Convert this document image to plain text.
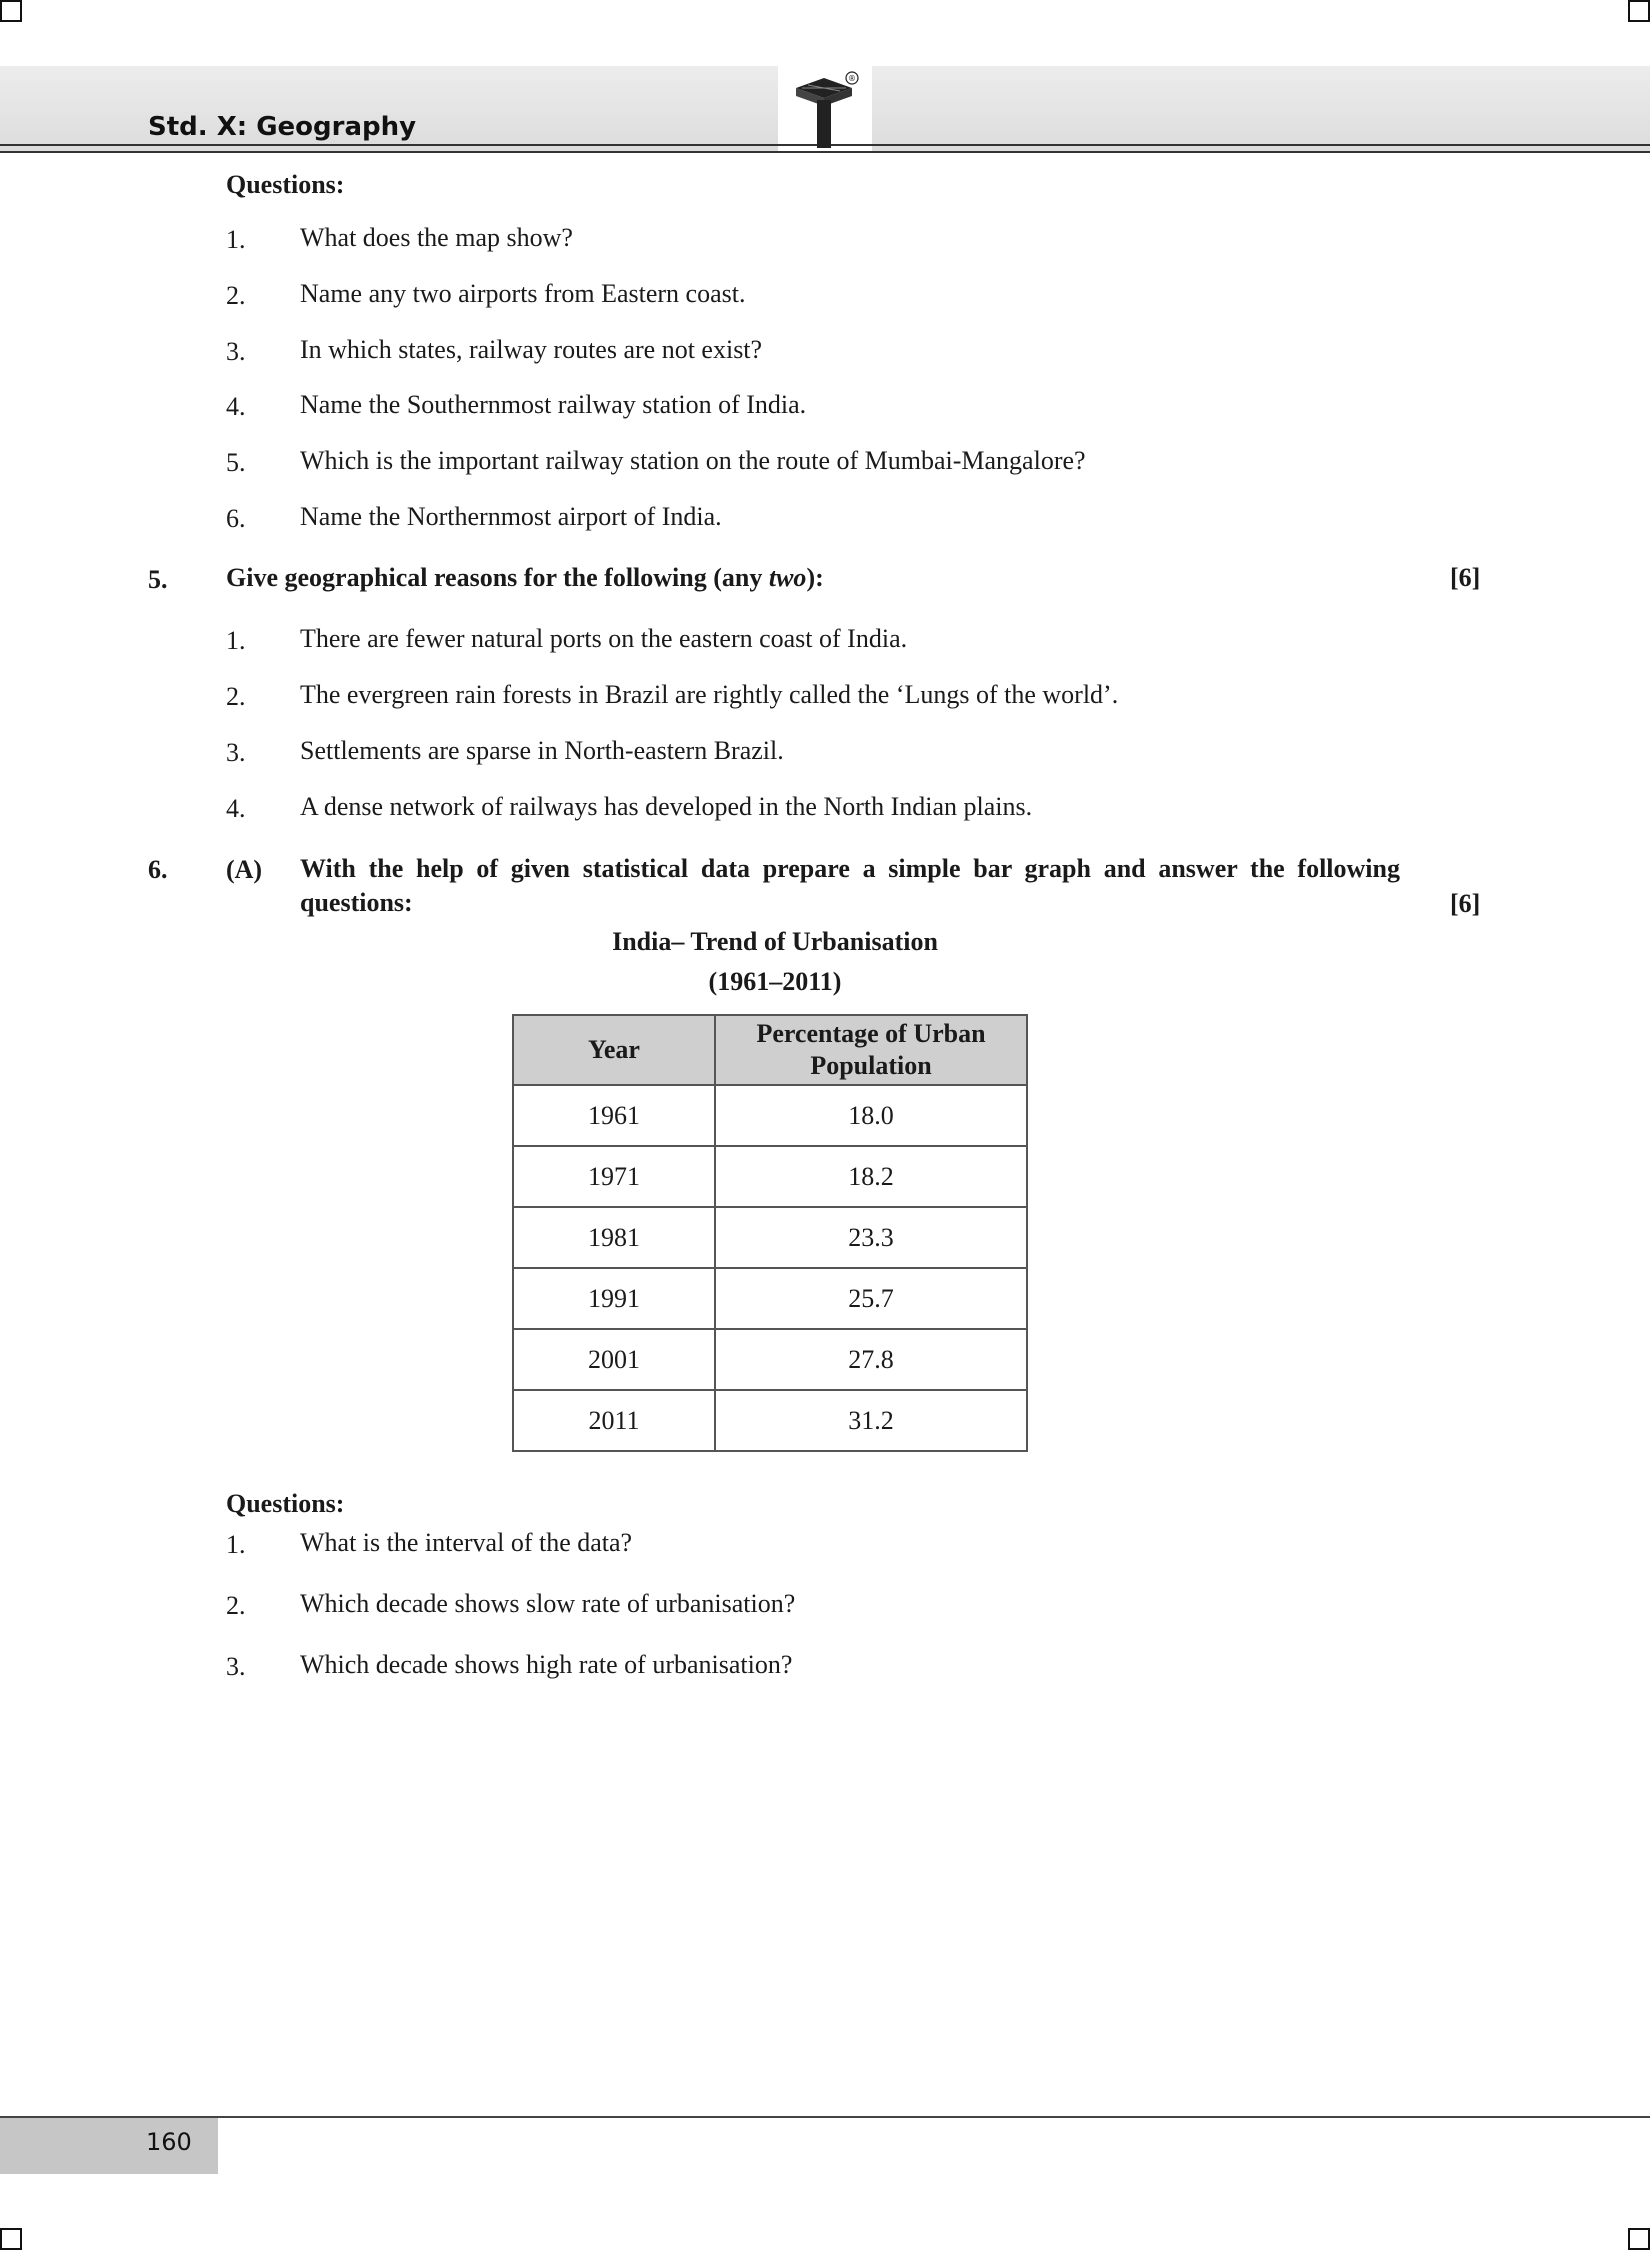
Std. X: Geography
®
Questions:
1. What does the map show?
2. Name any two airports from Eastern coast.
3. In which states, railway routes are not exist?
4. Name the Southernmost railway station of India.
5. Which is the important railway station on the route of Mumbai-Mangalore?
6. Name the Northernmost airport of India.
5. Give geographical reasons for the following (any two):	[6]
1. There are fewer natural ports on the eastern coast of India.
2. The evergreen rain forests in Brazil are rightly called the ‘Lungs of the world’.
3. Settlements are sparse in North-eastern Brazil.
4. A dense network of railways has developed in the North Indian plains.
6. (A) With the help of given statistical data prepare a simple bar graph and answer the following questions:	[6]
India– Trend of Urbanisation
(1961–2011)
Year	Percentage of Urban Population
1961	18.0
1971	18.2
1981	23.3
1991	25.7
2001	27.8
2011	31.2
Questions:
1. What is the interval of the data?
2. Which decade shows slow rate of urbanisation?
3. Which decade shows high rate of urbanisation?
160
